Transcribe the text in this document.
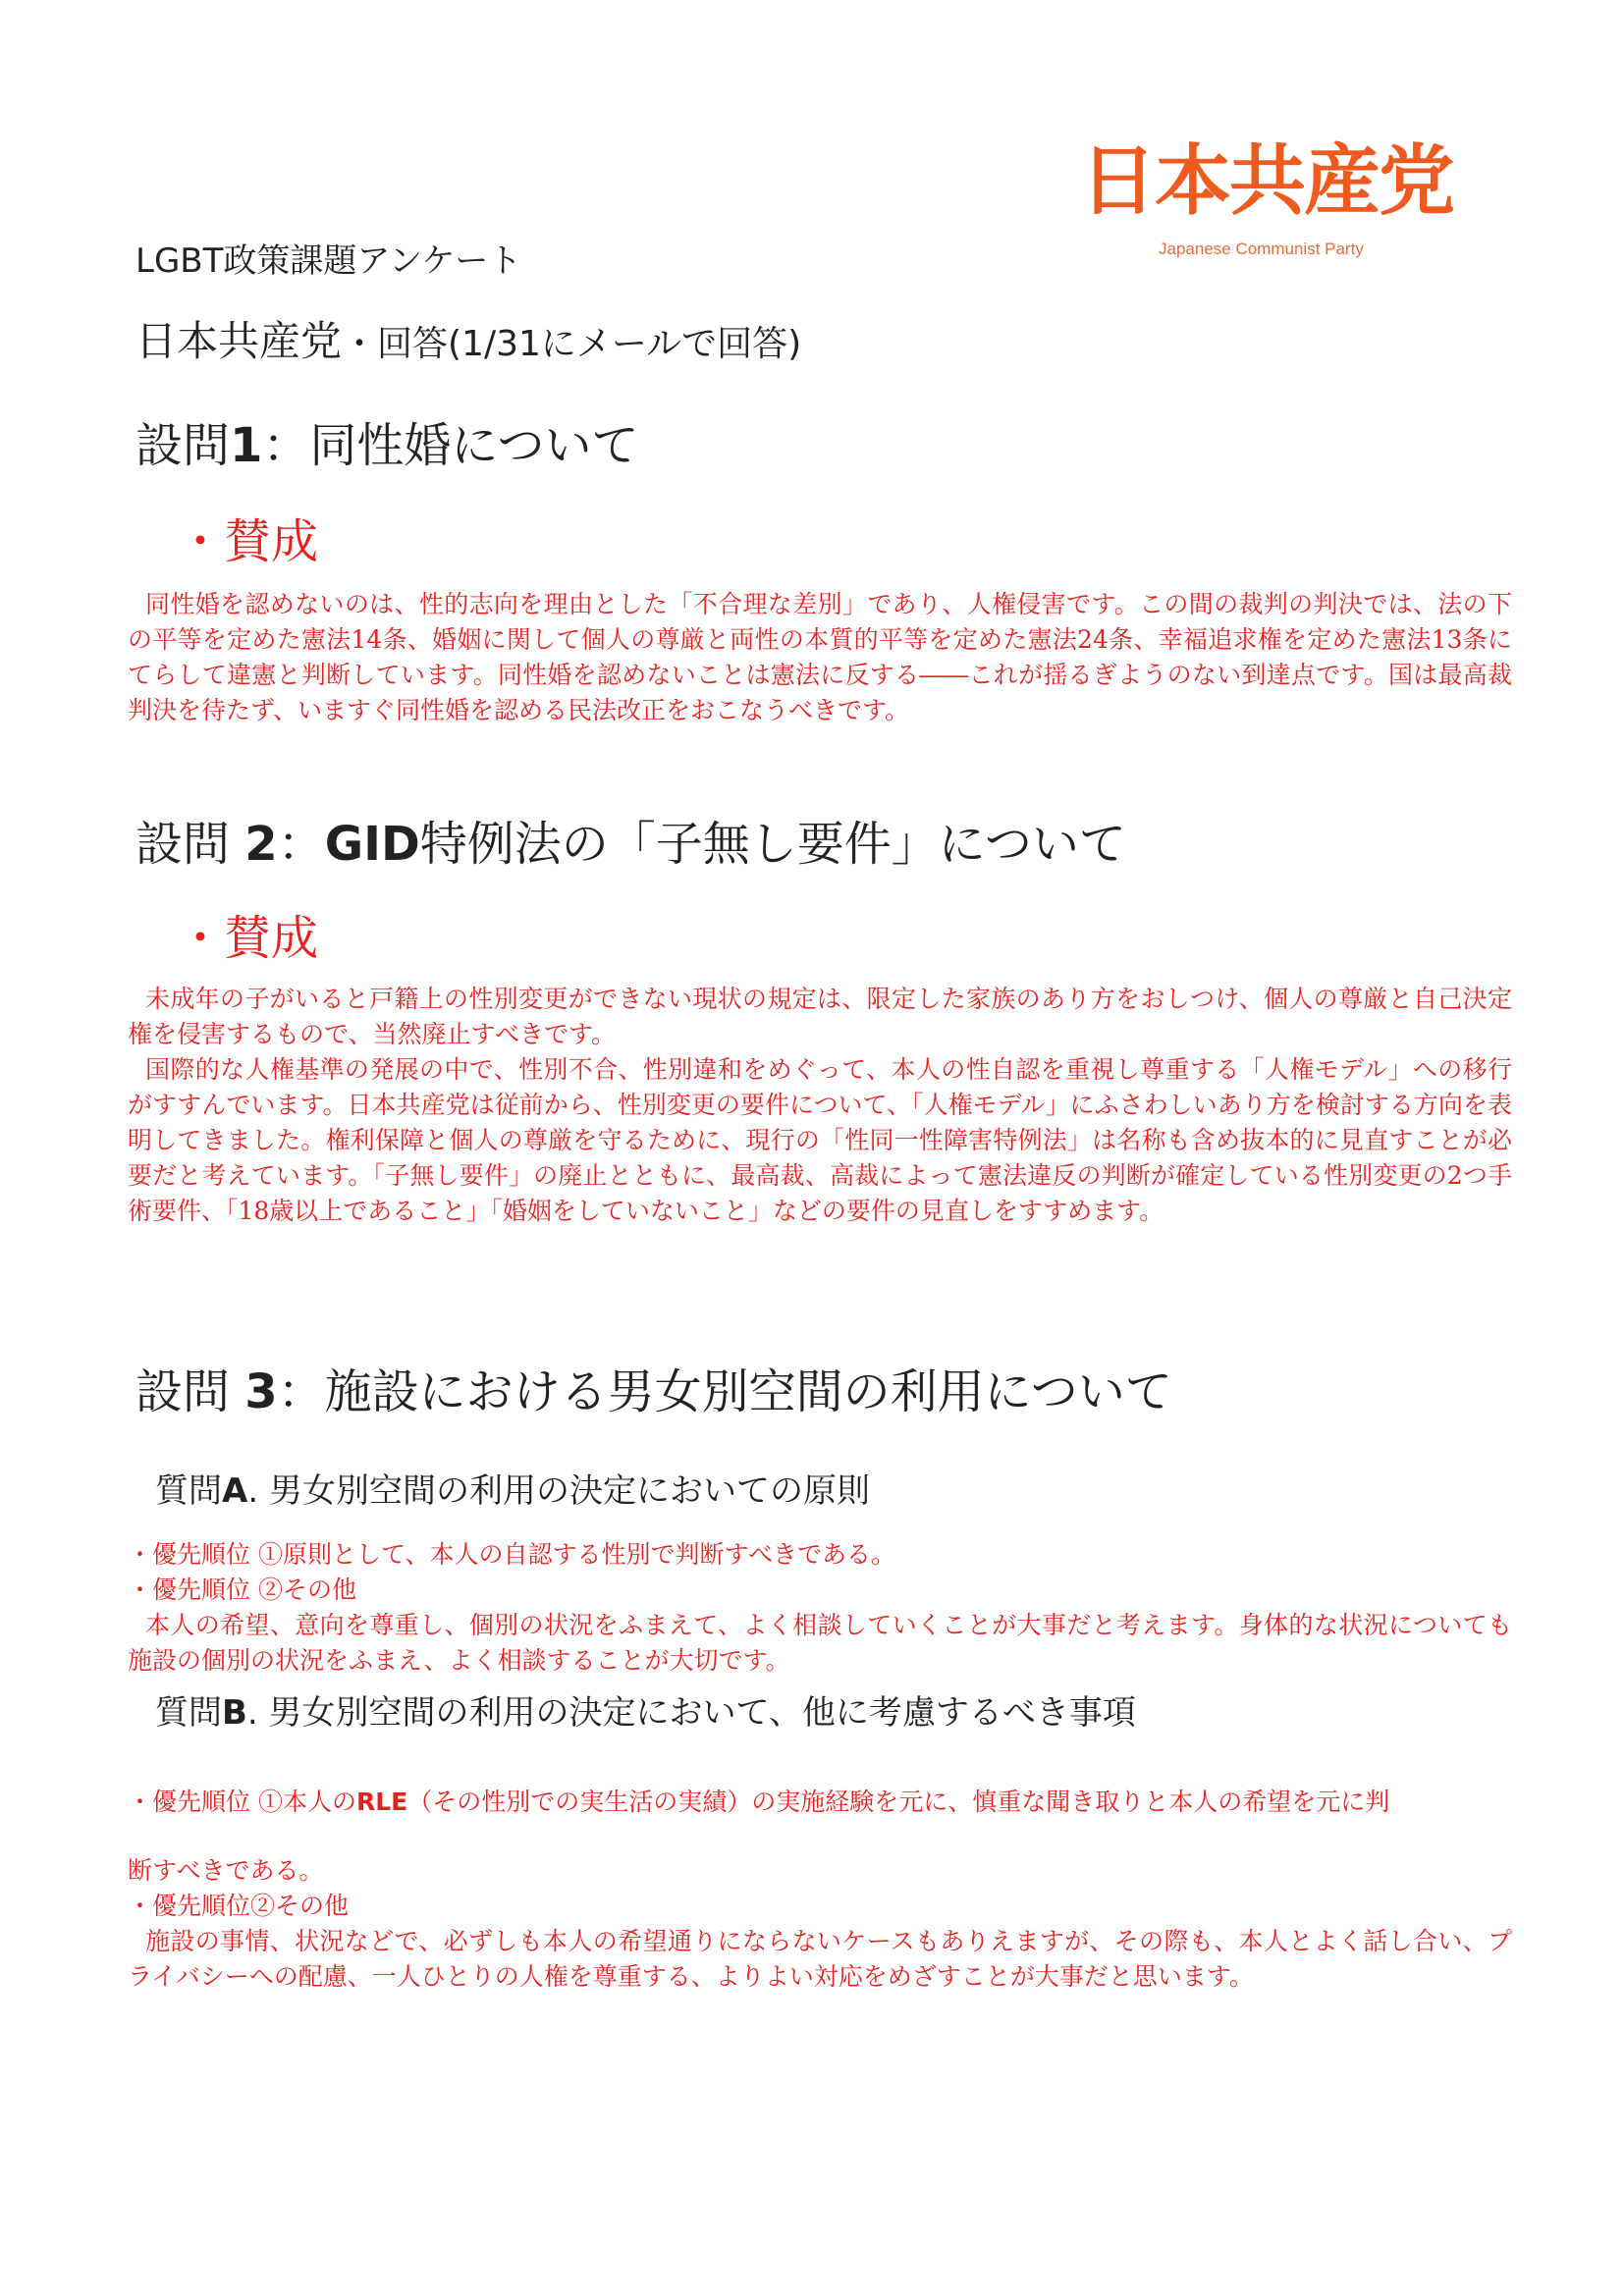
日本共産党
Japanese Communist Party
LGBT政策課題アンケート
日本共産党・回答(1/31にメールで回答)
設問1：同性婚について
・賛成

同性婚を認めないのは、性的志向を理由とした「不合理な差別」であり、人権侵害です。この間の裁判の判決では、法の下の平等を定めた憲法14条、婚姻に関して個人の尊厳と両性の本質的平等を定めた憲法24条、幸福追求権を定めた憲法13条にてらして違憲と判断しています。同性婚を認めないことは憲法に反する――これが揺るぎようのない到達点です。国は最高裁判決を待たず、いますぐ同性婚を認める民法改正をおこなうべきです。

設問 2：GID特例法の「子無し要件」について
・賛成

未成年の子がいると戸籍上の性別変更ができない現状の規定は、限定した家族のあり方をおしつけ、個人の尊厳と自己決定権を侵害するもので、当然廃止すべきです。

国際的な人権基準の発展の中で、性別不合、性別違和をめぐって、本人の性自認を重視し尊重する「人権モデル」への移行がすすんでいます。日本共産党は従前から、性別変更の要件について、「人権モデル」にふさわしいあり方を検討する方向を表明してきました。権利保障と個人の尊厳を守るために、現行の「性同一性障害特例法」は名称も含め抜本的に見直すことが必要だと考えています。「子無し要件」の廃止とともに、最高裁、高裁によって憲法違反の判断が確定している性別変更の2つ手術要件、「18歳以上であること」「婚姻をしていないこと」などの要件の見直しをすすめます。

設問 3：施設における男女別空間の利用について
質問A. 男女別空間の利用の決定においての原則
・優先順位 ①原則として、本人の自認する性別で判断すべきである。
・優先順位 ②その他

本人の希望、意向を尊重し、個別の状況をふまえて、よく相談していくことが大事だと考えます。身体的な状況についても施設の個別の状況をふまえ、よく相談することが大切です。

質問B. 男女別空間の利用の決定において、他に考慮するべき事項
・優先順位 ①本人のRLE（その性別での実生活の実績）の実施経験を元に、慎重な聞き取りと本人の希望を元に判
断すべきである。
・優先順位②その他

施設の事情、状況などで、必ずしも本人の希望通りにならないケースもありえますが、その際も、本人とよく話し合い、プライバシーへの配慮、一人ひとりの人権を尊重する、よりよい対応をめざすことが大事だと思います。
